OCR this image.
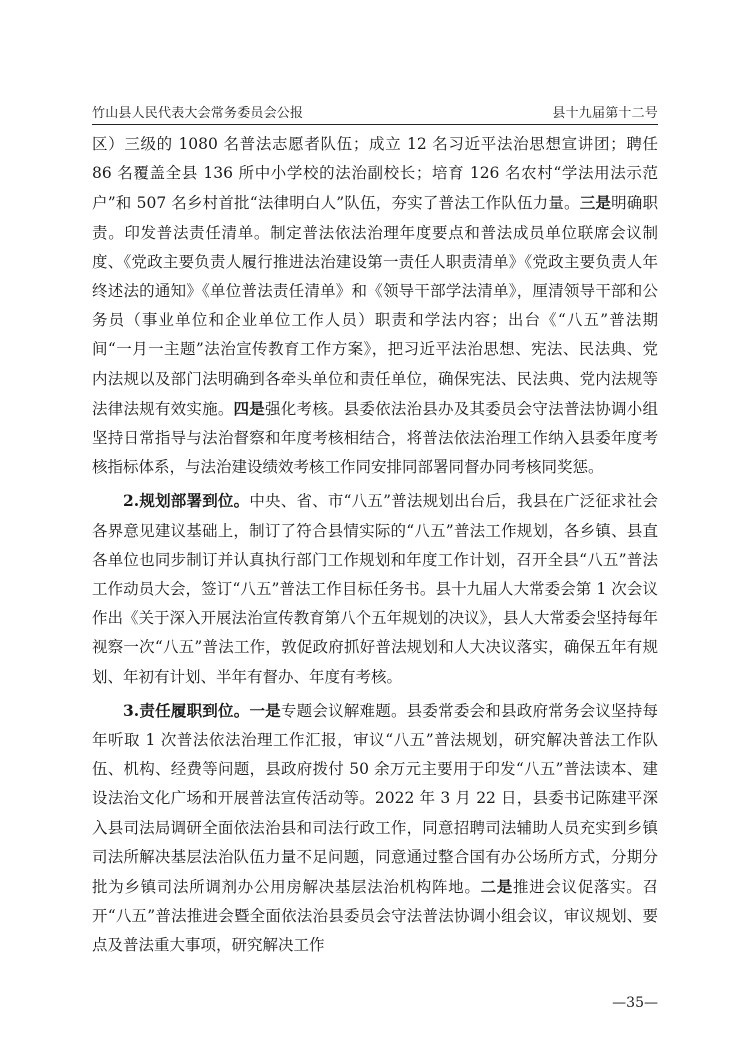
竹山县人民代表大会常务委员会公报	县十九届第十二号

区）三级的 1080 名普法志愿者队伍；成立 12 名习近平法治思想宣讲团；聘任 86 名覆盖全县 136 所中小学校的法治副校长；培育 126 名农村“学法用法示范户”和 507 名乡村首批“法律明白人”队伍，夯实了普法工作队伍力量。三是明确职责。印发普法责任清单。制定普法依法治理年度要点和普法成员单位联席会议制度、《党政主要负责人履行推进法治建设第一责任人职责清单》《党政主要负责人年终述法的通知》《单位普法责任清单》和《领导干部学法清单》，厘清领导干部和公务员（事业单位和企业单位工作人员）职责和学法内容；出台《“八五”普法期间“一月一主题”法治宣传教育工作方案》，把习近平法治思想、宪法、民法典、党内法规以及部门法明确到各牵头单位和责任单位，确保宪法、民法典、党内法规等法律法规有效实施。四是强化考核。县委依法治县办及其委员会守法普法协调小组坚持日常指导与法治督察和年度考核相结合，将普法依法治理工作纳入县委年度考核指标体系，与法治建设绩效考核工作同安排同部署同督办同考核同奖惩。

2.规划部署到位。中央、省、市“八五”普法规划出台后，我县在广泛征求社会各界意见建议基础上，制订了符合县情实际的“八五”普法工作规划，各乡镇、县直各单位也同步制订并认真执行部门工作规划和年度工作计划，召开全县“八五”普法工作动员大会，签订“八五”普法工作目标任务书。县十九届人大常委会第 1 次会议作出《关于深入开展法治宣传教育第八个五年规划的决议》，县人大常委会坚持每年视察一次“八五”普法工作，敦促政府抓好普法规划和人大决议落实，确保五年有规划、年初有计划、半年有督办、年度有考核。

3.责任履职到位。一是专题会议解难题。县委常委会和县政府常务会议坚持每年听取 1 次普法依法治理工作汇报，审议“八五”普法规划，研究解决普法工作队伍、机构、经费等问题，县政府拨付 50 余万元主要用于印发“八五”普法读本、建设法治文化广场和开展普法宣传活动等。2022 年 3 月 22 日，县委书记陈建平深入县司法局调研全面依法治县和司法行政工作，同意招聘司法辅助人员充实到乡镇司法所解决基层法治队伍力量不足问题，同意通过整合国有办公场所方式，分期分批为乡镇司法所调剂办公用房解决基层法治机构阵地。二是推进会议促落实。召开“八五”普法推进会暨全面依法治县委员会守法普法协调小组会议，审议规划、要点及普法重大事项，研究解决工作

—35—
